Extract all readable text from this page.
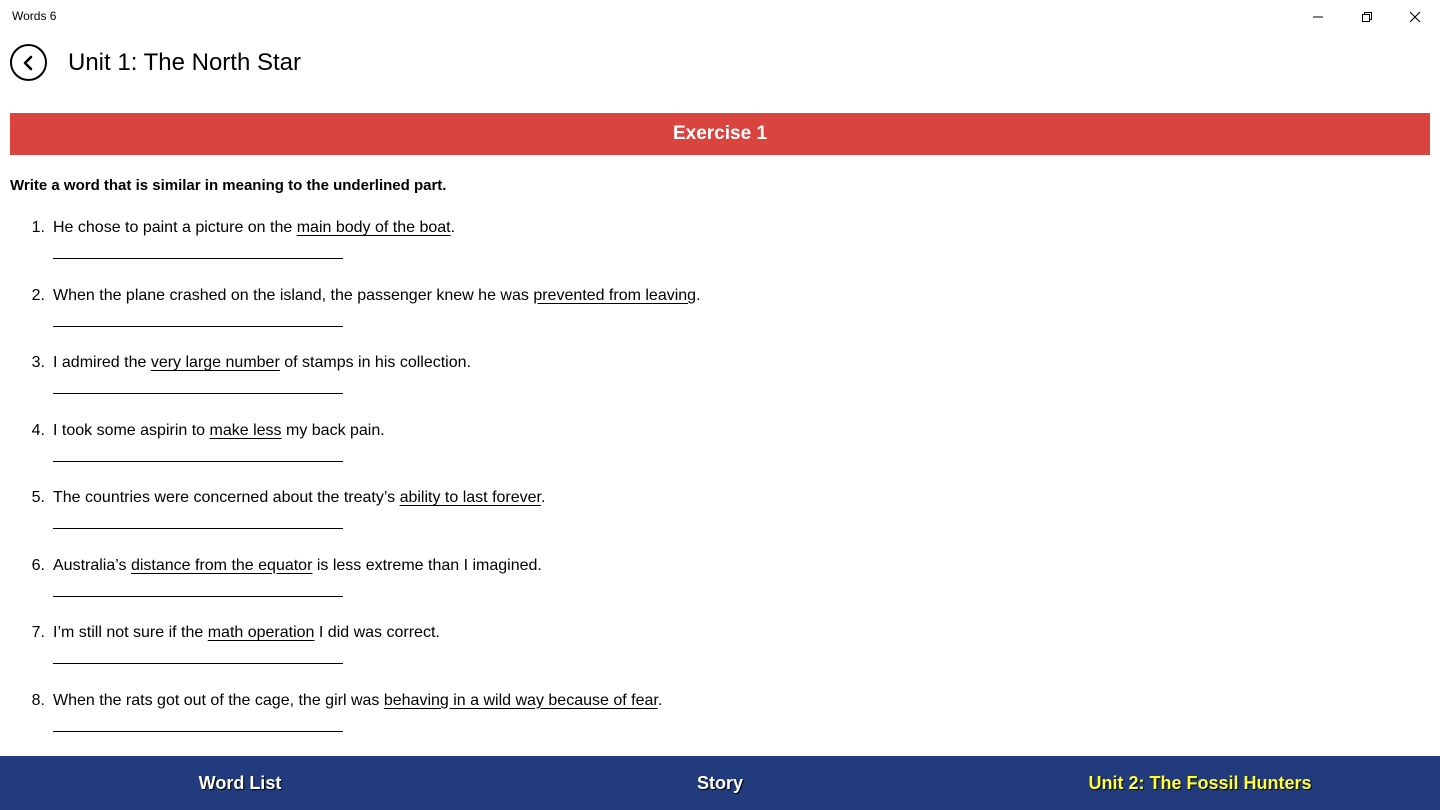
Words 6
Unit 1: The North Star
Exercise 1
Write a word that is similar in meaning to the underlined part.
1. He chose to paint a picture on the main body of the boat.
2. When the plane crashed on the island, the passenger knew he was prevented from leaving.
3. I admired the very large number of stamps in his collection.
4. I took some aspirin to make less my back pain.
5. The countries were concerned about the treaty’s ability to last forever.
6. Australia’s distance from the equator is less extreme than I imagined.
7. I’m still not sure if the math operation I did was correct.
8. When the rats got out of the cage, the girl was behaving in a wild way because of fear.
Word List	Story	Unit 2: The Fossil Hunters
